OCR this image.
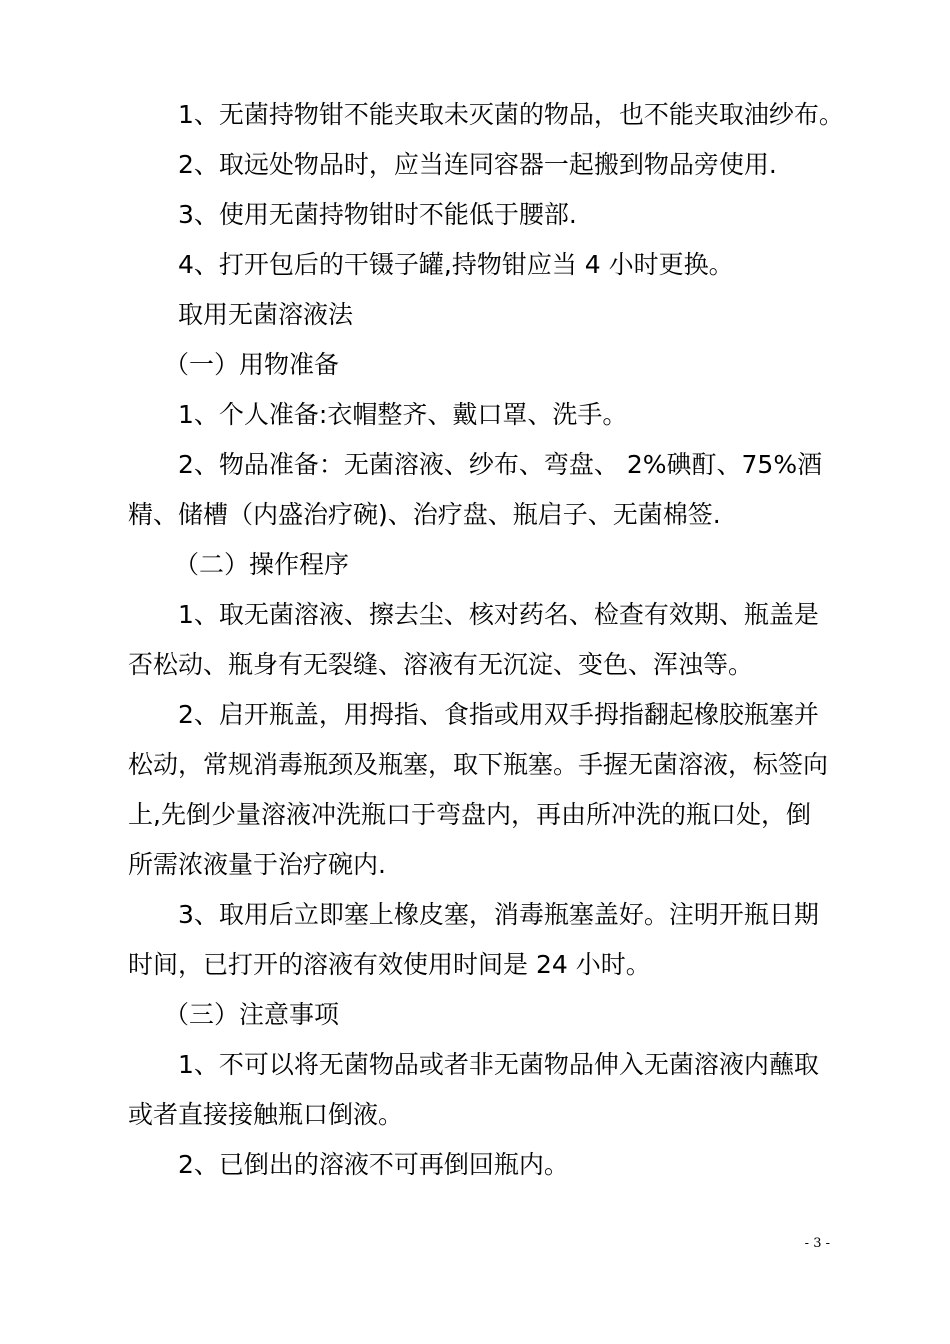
1、无菌持物钳不能夹取未灭菌的物品，也不能夹取油纱布。
2、取远处物品时，应当连同容器一起搬到物品旁使用.
3、使用无菌持物钳时不能低于腰部.
4、打开包后的干镊子罐,持物钳应当 4 小时更换。
取用无菌溶液法
（一）用物准备
1、个人准备:衣帽整齐、戴口罩、洗手。
2、物品准备：无菌溶液、纱布、弯盘、 2%碘酊、75%酒
精、储槽（内盛治疗碗)、治疗盘、瓶启子、无菌棉签.
（二）操作程序
1、取无菌溶液、擦去尘、核对药名、检查有效期、瓶盖是
否松动、瓶身有无裂缝、溶液有无沉淀、变色、浑浊等。
2、启开瓶盖，用拇指、食指或用双手拇指翻起橡胶瓶塞并
松动，常规消毒瓶颈及瓶塞，取下瓶塞。手握无菌溶液，标签向
上,先倒少量溶液冲洗瓶口于弯盘内，再由所冲洗的瓶口处，倒
所需浓液量于治疗碗内.
3、取用后立即塞上橡皮塞，消毒瓶塞盖好。注明开瓶日期
时间，已打开的溶液有效使用时间是 24 小时。
（三）注意事项
1、不可以将无菌物品或者非无菌物品伸入无菌溶液内蘸取
或者直接接触瓶口倒液。
2、已倒出的溶液不可再倒回瓶内。
- 3 -
